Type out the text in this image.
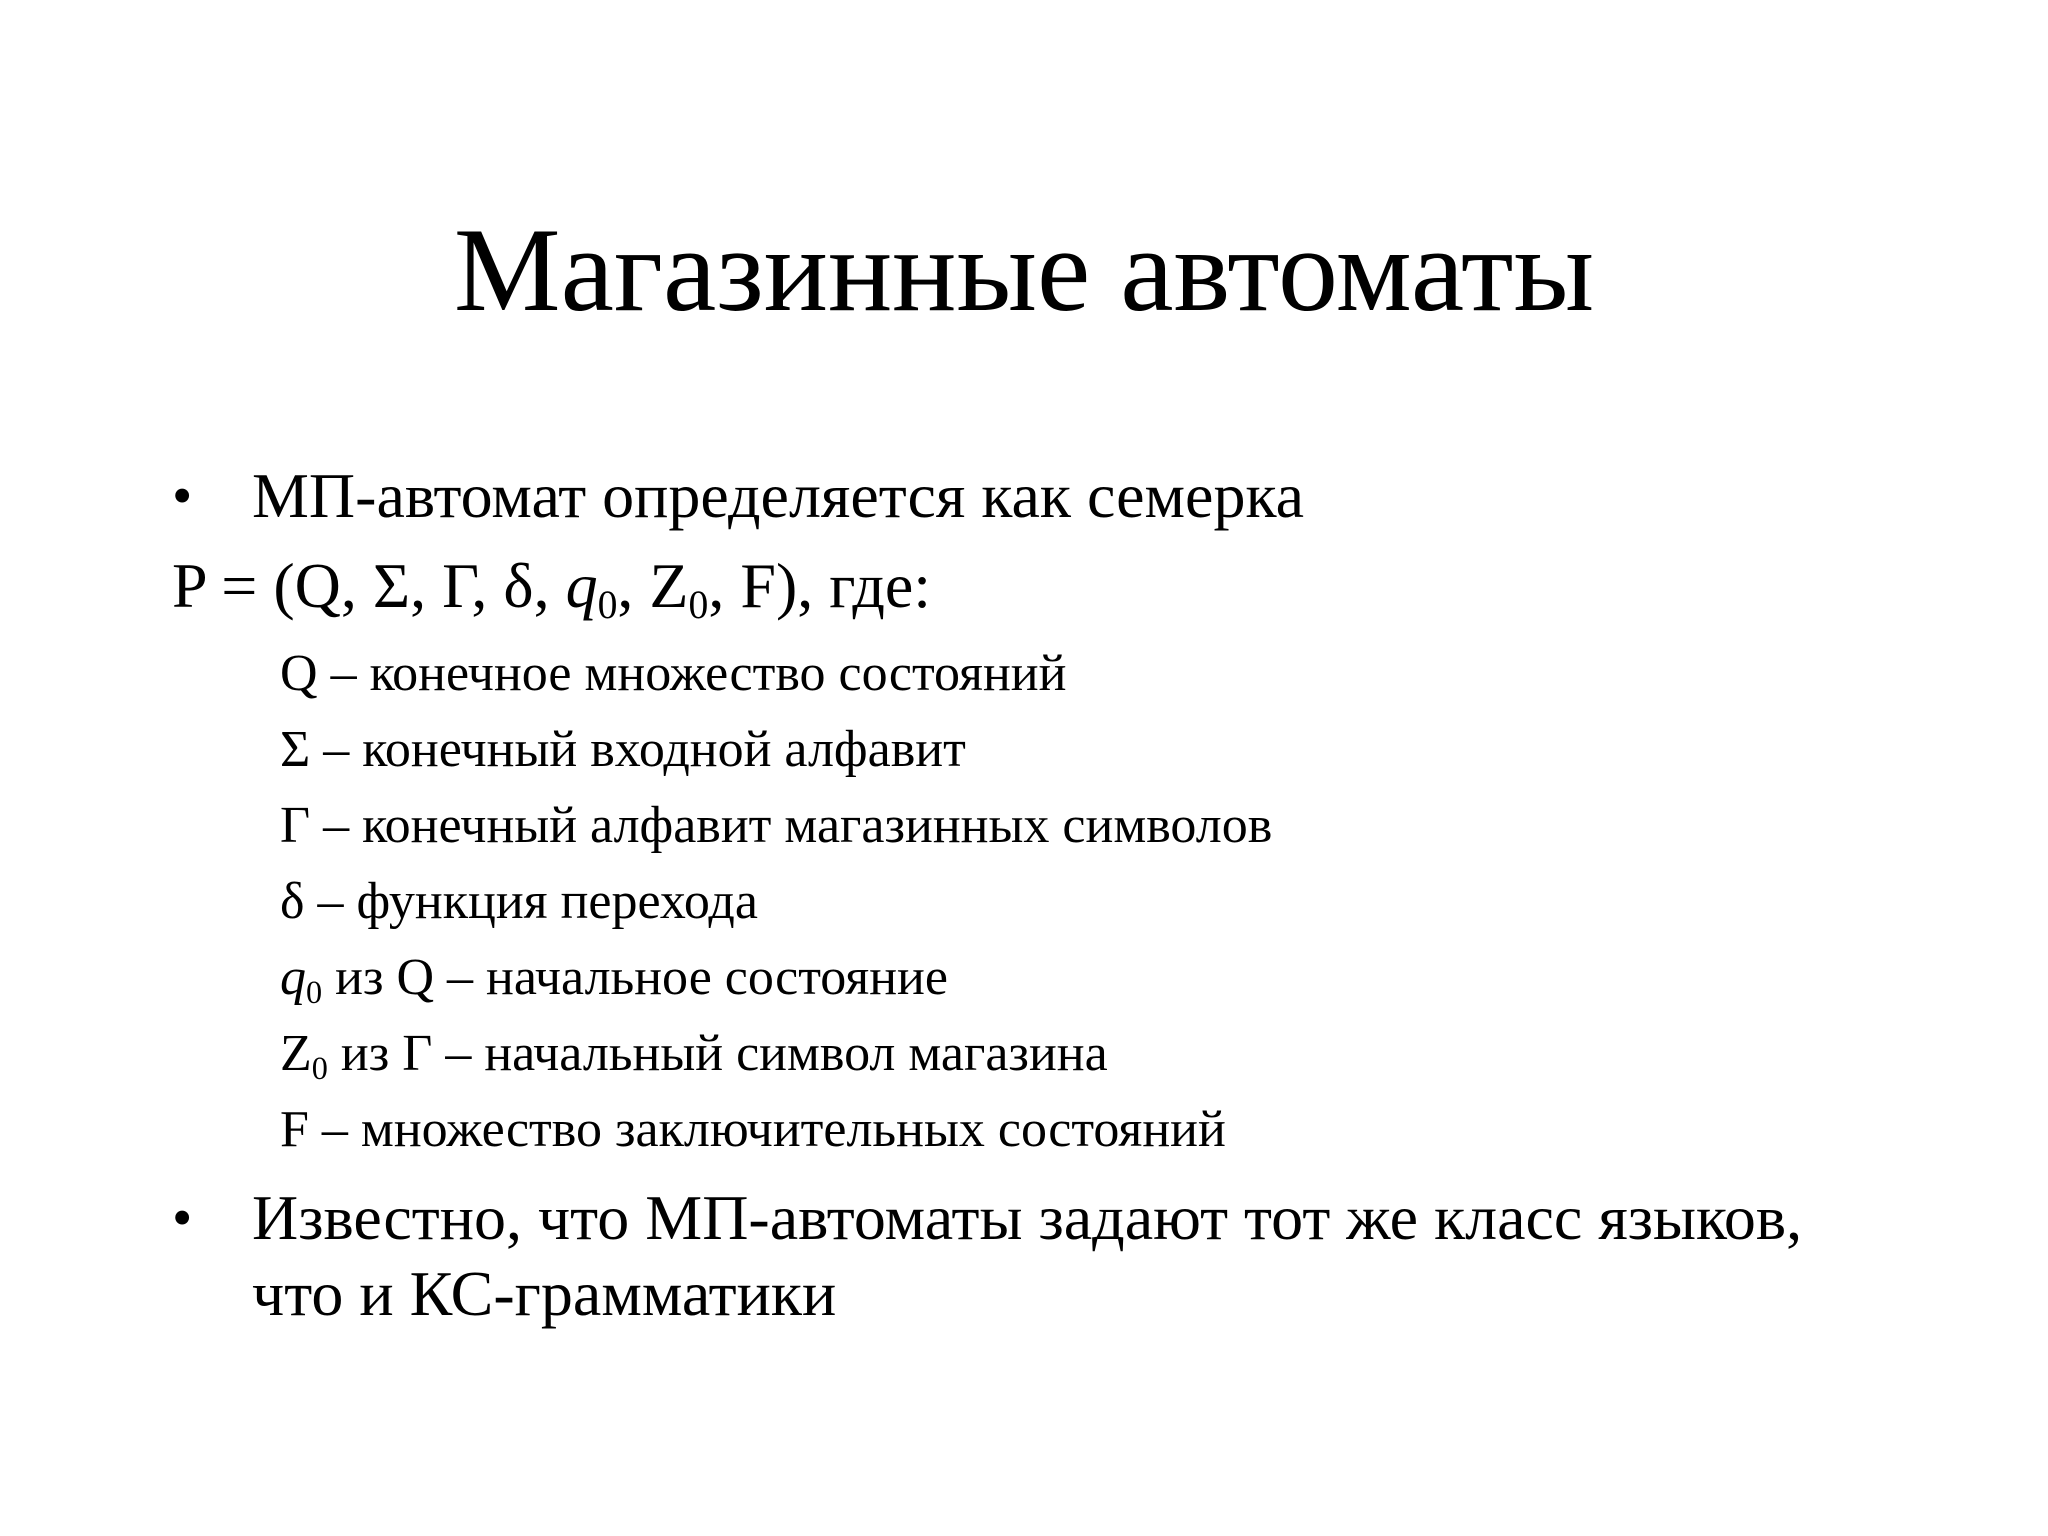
Магазинные автоматы
• МП-автомат определяется как семерка
P = (Q, Σ, Γ, δ, $q_0$, $Z_0$, F), где:
Q – конечное множество состояний
Σ – конечный входной алфавит
Γ – конечный алфавит магазинных символов
δ – функция перехода
$q_0$ из Q – начальное состояние
$Z_0$ из Γ – начальный символ магазина
F – множество заключительных состояний
• Известно, что МП-автоматы задают тот же класс языков, что и КС-грамматики
